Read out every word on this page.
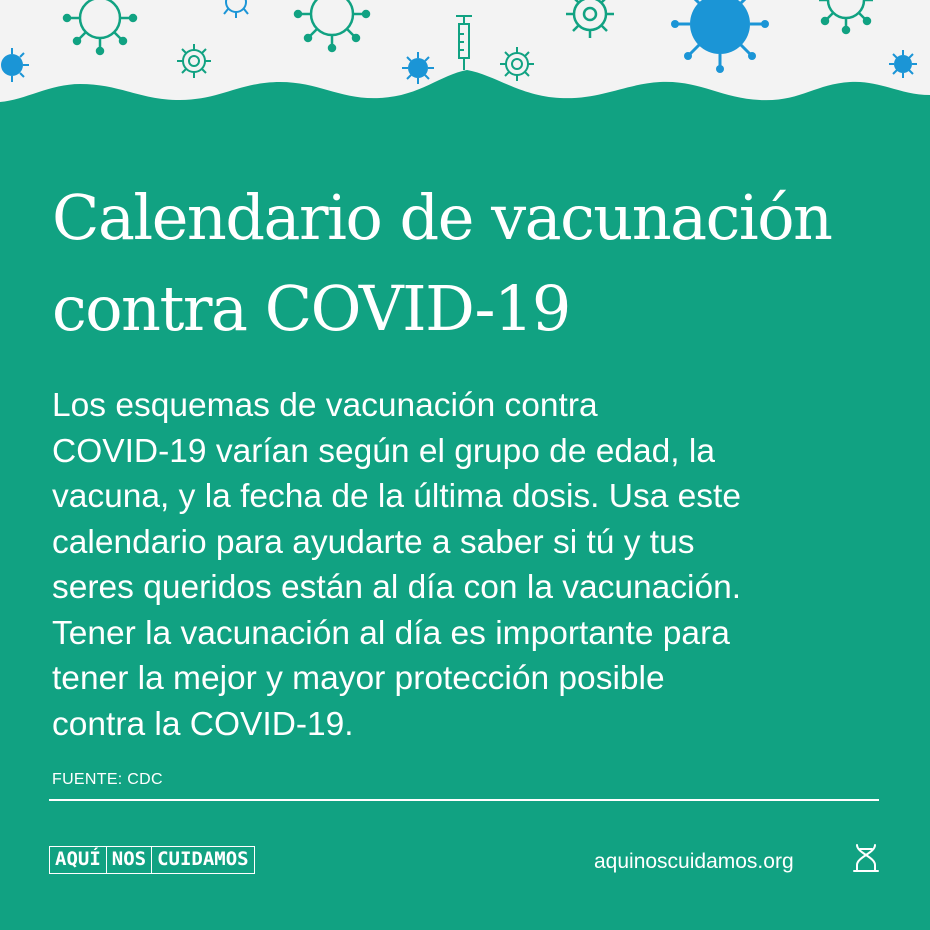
Calendario de vacunación
contra COVID-19

Los esquemas de vacunación contra
COVID-19 varían según el grupo de edad, la
vacuna, y la fecha de la última dosis. Usa este
calendario para ayudarte a saber si tú y tus
seres queridos están al día con la vacunación.
Tener la vacunación al día es importante para
tener la mejor y mayor protección posible
contra la COVID-19.

FUENTE: CDC

AQUÍ NOS CUIDAMOS	aquinoscuidamos.org
